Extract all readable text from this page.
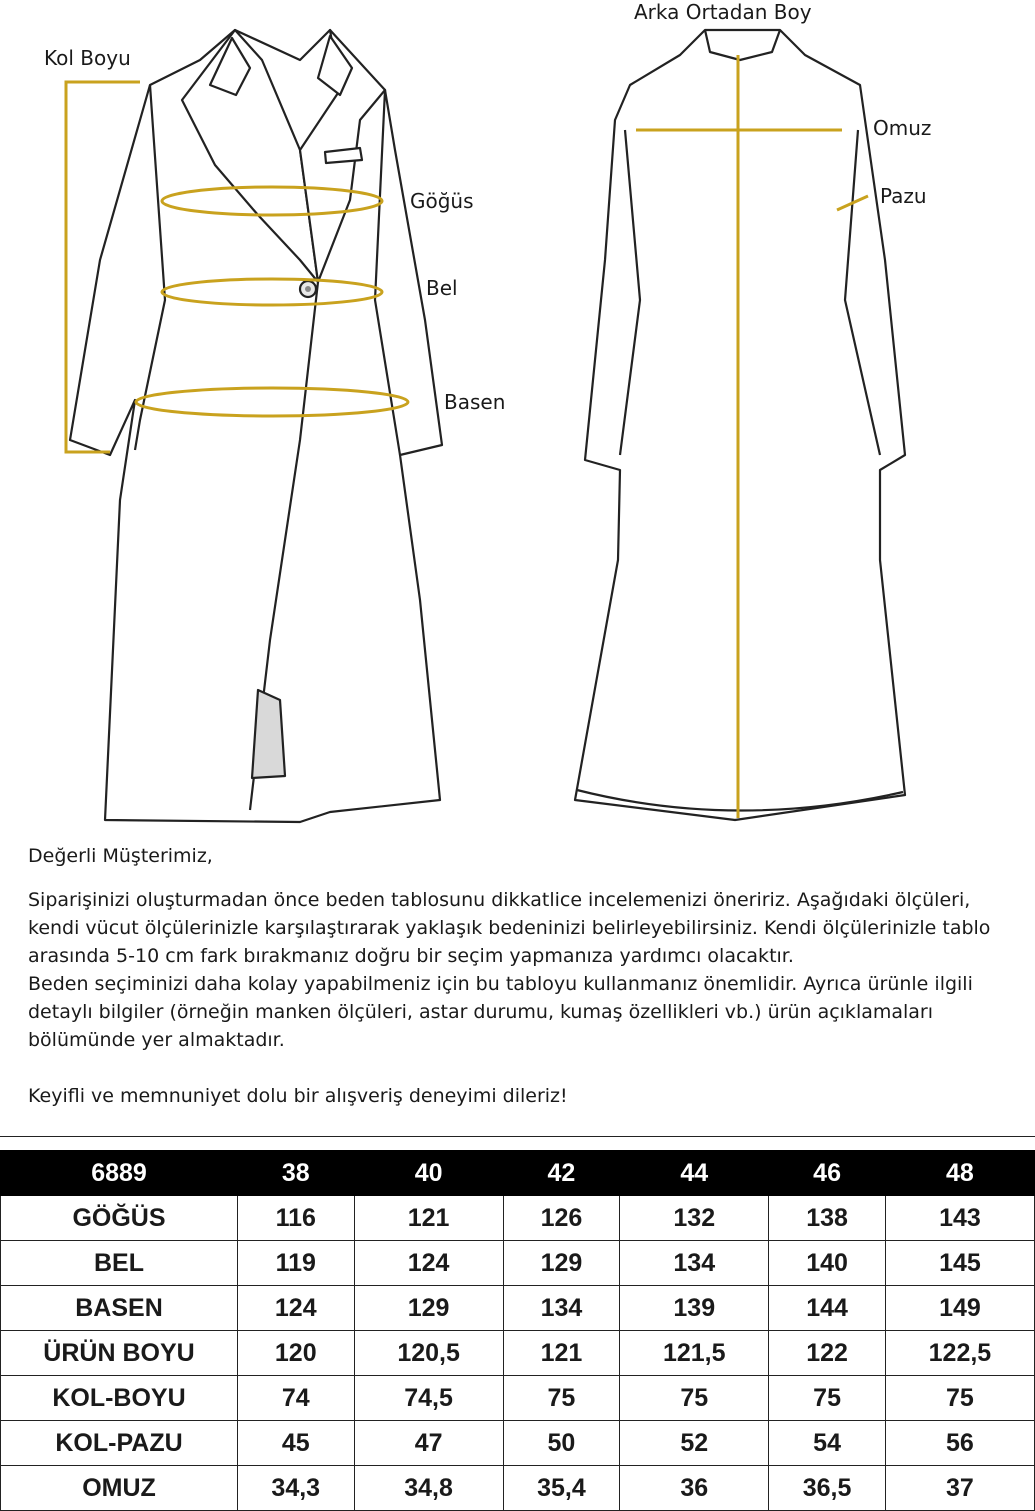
Kol Boyu
Göğüs
Bel
Basen
Arka Ortadan Boy
Omuz
Pazu

Değerli Müşterimiz,

Siparişinizi oluşturmadan önce beden tablosunu dikkatlice incelemenizi öneririz. Aşağıdaki ölçüleri, kendi vücut ölçülerinizle karşılaştırarak yaklaşık bedeninizi belirleyebilirsiniz. Kendi ölçülerinizle tablo arasında 5-10 cm fark bırakmanız doğru bir seçim yapmanıza yardımcı olacaktır.

Beden seçiminizi daha kolay yapabilmeniz için bu tabloyu kullanmanız önemlidir. Ayrıca ürünle ilgili detaylı bilgiler (örneğin manken ölçüleri, astar durumu, kumaş özellikleri vb.) ürün açıklamaları bölümünde yer almaktadır.

Keyifli ve memnuniyet dolu bir alışveriş deneyimi dileriz!

6889	38	40	42	44	46	48
GÖĞÜS	116	121	126	132	138	143
BEL	119	124	129	134	140	145
BASEN	124	129	134	139	144	149
ÜRÜN BOYU	120	120,5	121	121,5	122	122,5
KOL-BOYU	74	74,5	75	75	75	75
KOL-PAZU	45	47	50	52	54	56
OMUZ	34,3	34,8	35,4	36	36,5	37
